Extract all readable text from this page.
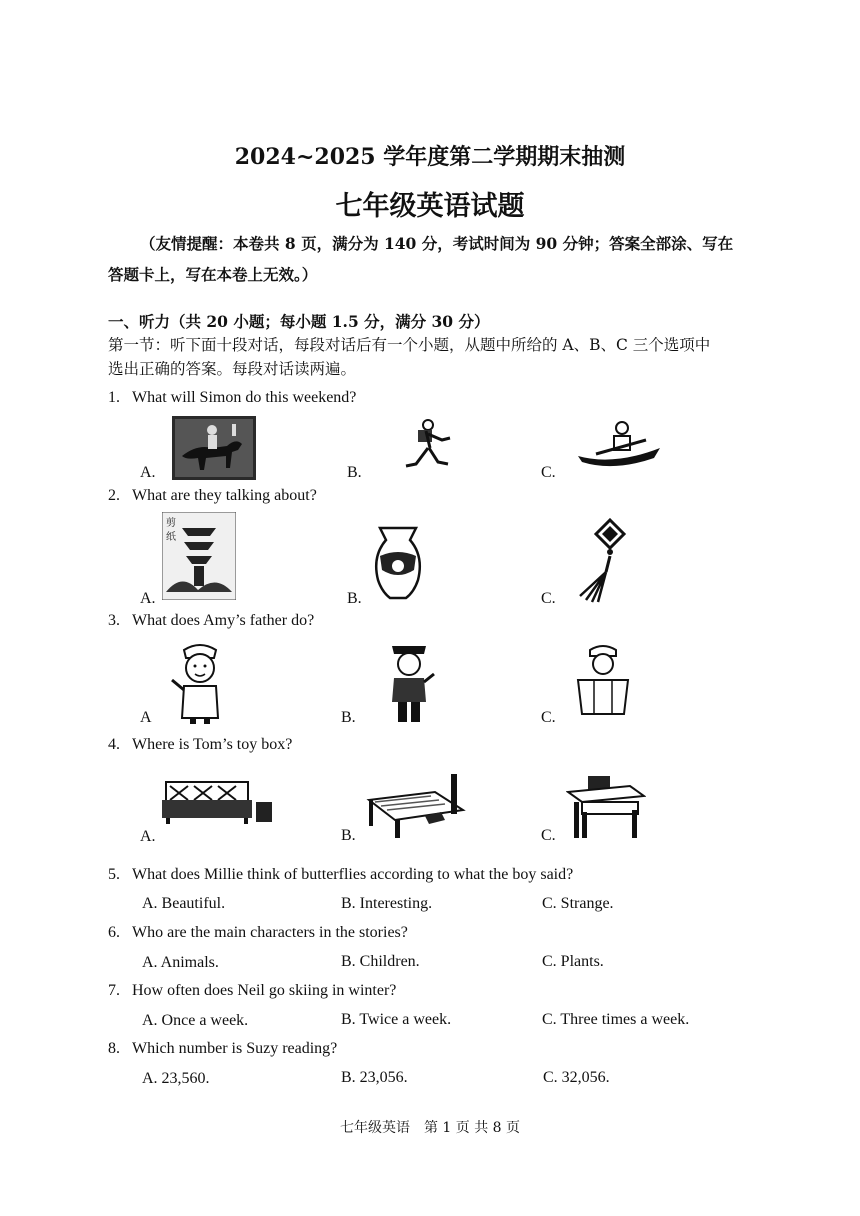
2024~2025 学年度第二学期期末抽测
七年级英语试题
（友情提醒：本卷共 8 页，满分为 140 分，考试时间为 90 分钟；答案全部涂、写在
答题卡上，写在本卷上无效。）
一、听力（共 20 小题；每小题 1.5 分，满分 30 分）
第一节：听下面十段对话，每段对话后有一个小题，从题中所给的 A、B、C 三个选项中
选出正确的答案。每段对话读两遍。
1. What will Simon do this weekend?
A.	B.	C.
2. What are they talking about?
A.	B.	C.
剪
纸
3. What does Amy’s father do?
A	B.	C.
4. Where is Tom’s toy box?
A.	B.	C.
5. What does Millie think of butterflies according to what the boy said?
A. Beautiful.	B. Interesting.	C. Strange.
6. Who are the main characters in the stories?
A. Animals.	B. Children.	C. Plants.
7. How often does Neil go skiing in winter?
A. Once a week.	B. Twice a week.	C. Three times a week.
8. Which number is Suzy reading?
A. 23,560.	B. 23,056.	C. 32,056.
七年级英语　第 1 页 共 8 页
